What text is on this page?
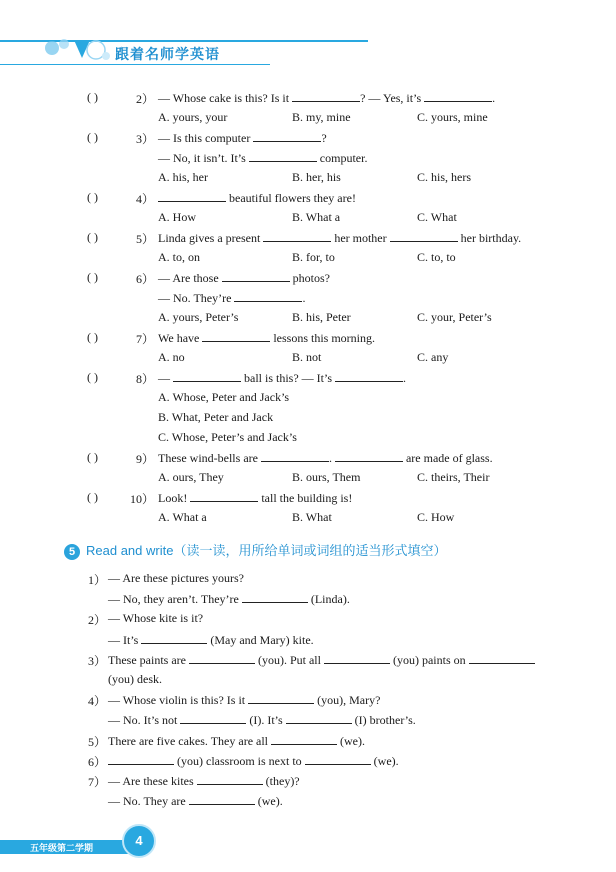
跟着名师学英语
( )	2） — Whose cake is this? Is it	? — Yes, it’s	.
A. yours, your	B. my, mine	C. yours, mine
( )	3） — Is this computer	?
— No, it isn’t. It’s	computer.
A. his, her	B. her, his	C. his, hers
( )	4）	beautiful flowers they are!
A. How	B. What a	C. What
( )	5） Linda gives a present	her mother	her birthday.
A. to, on	B. for, to	C. to, to
( )	6） — Are those	photos?
— No. They’re	.
A. yours, Peter’s	B. his, Peter	C. your, Peter’s
( )	7） We have	lessons this morning.
A. no	B. not	C. any
( )	8） —	ball is this? — It’s	.
A. Whose, Peter and Jack’s
B. What, Peter and Jack
C. Whose, Peter’s and Jack’s
( )	9） These wind-bells are	.	are made of glass.
A. ours, They	B. ours, Them	C. theirs, Their
( )	10） Look!	tall the building is!
A. What a	B. What	C. How
5 Read and write（读一读，用所给单词或词组的适当形式填空）
1） — Are these pictures yours?
— No, they aren’t. They’re	(Linda).
2） — Whose kite is it?
— It’s	(May and Mary) kite.
3） These paints are	(you). Put all	(you) paints on
(you) desk.
4） — Whose violin is this? Is it	(you), Mary?
— No. It’s not	(I). It’s	(I) brother’s.
5） There are five cakes. They are all	(we).
6）	(you) classroom is next to	(we).
7） — Are these kites	(they)?
— No. They are	(we).
五年级第二学期
4
